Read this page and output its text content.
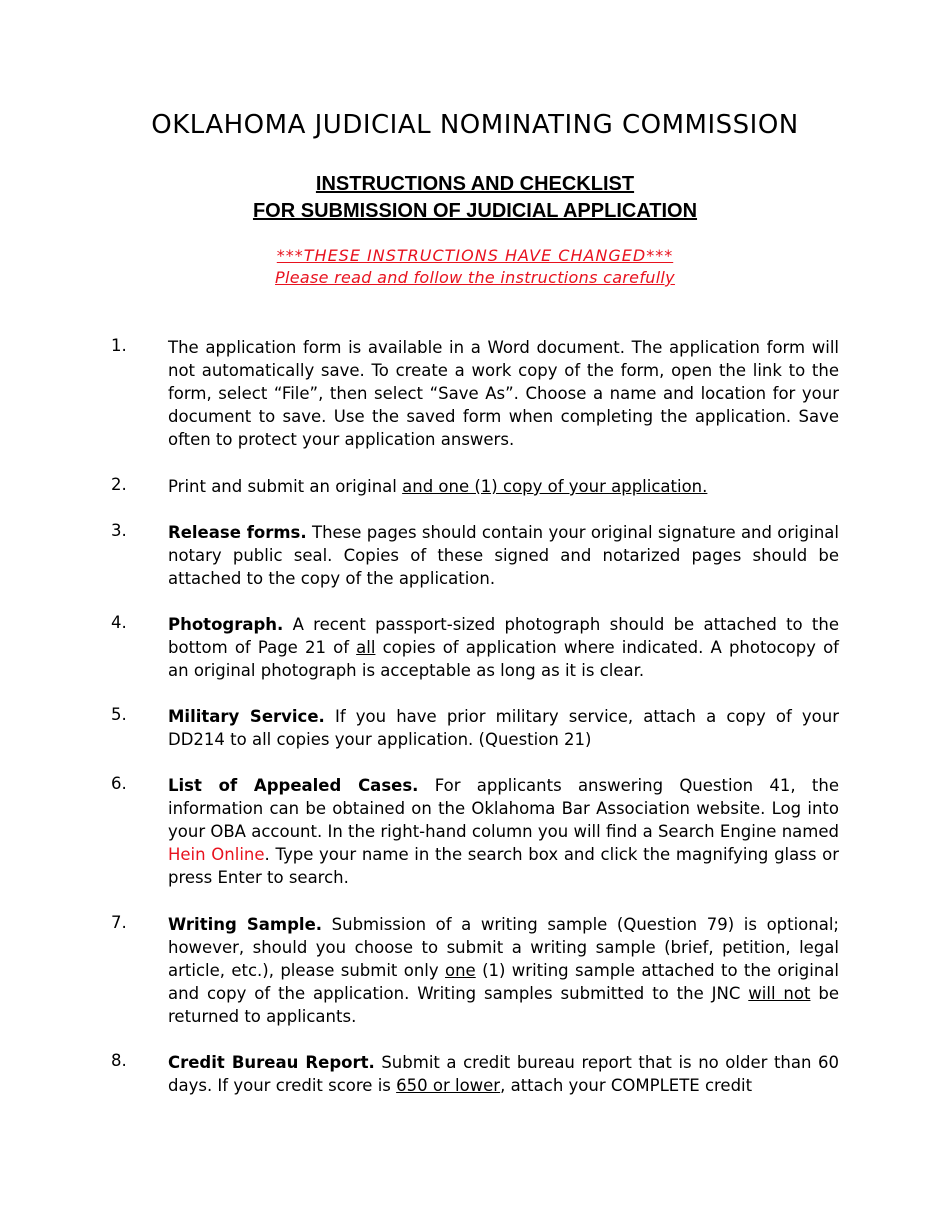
OKLAHOMA JUDICIAL NOMINATING COMMISSION
INSTRUCTIONS AND CHECKLIST
FOR SUBMISSION OF JUDICIAL APPLICATION
***THESE INSTRUCTIONS HAVE CHANGED***
Please read and follow the instructions carefully
1.	The application form is available in a Word document. The application form will not automatically save. To create a work copy of the form, open the link to the form, select “File”, then select “Save As”. Choose a name and location for your document to save. Use the saved form when completing the application. Save often to protect your application answers.
2.	Print and submit an original and one (1) copy of your application.
3.	Release forms. These pages should contain your original signature and original notary public seal. Copies of these signed and notarized pages should be attached to the copy of the application.
4.	Photograph. A recent passport-sized photograph should be attached to the bottom of Page 21 of all copies of application where indicated. A photocopy of an original photograph is acceptable as long as it is clear.
5.	Military Service. If you have prior military service, attach a copy of your DD214 to all copies your application. (Question 21)
6.	List of Appealed Cases. For applicants answering Question 41, the information can be obtained on the Oklahoma Bar Association website. Log into your OBA account. In the right-hand column you will find a Search Engine named Hein Online. Type your name in the search box and click the magnifying glass or press Enter to search.
7.	Writing Sample. Submission of a writing sample (Question 79) is optional; however, should you choose to submit a writing sample (brief, petition, legal article, etc.), please submit only one (1) writing sample attached to the original and copy of the application. Writing samples submitted to the JNC will not be returned to applicants.
8.	Credit Bureau Report. Submit a credit bureau report that is no older than 60 days. If your credit score is 650 or lower, attach your COMPLETE credit
